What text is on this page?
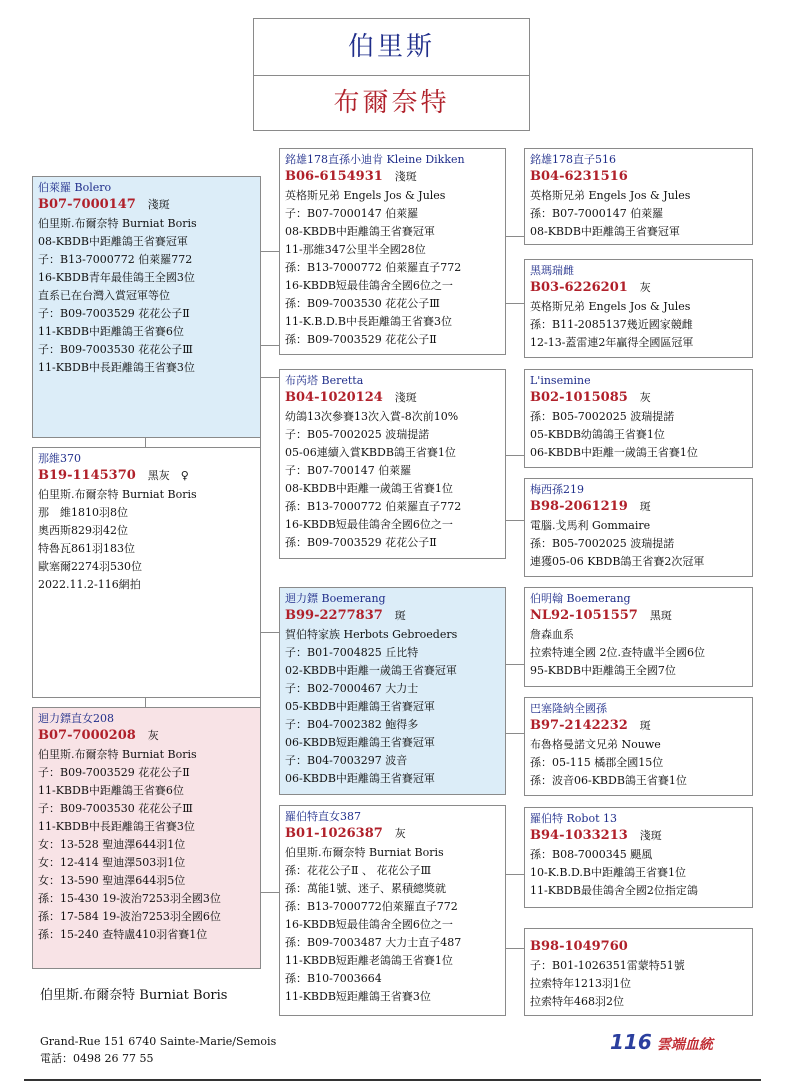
伯里斯
布爾奈特
伯萊羅 Bolero
B07-7000147 淺斑
伯里斯.布爾奈特 Burniat Boris
08-KBDB中距離鴿王省賽冠軍
子：B13-7000772 伯萊羅772
16-KBDB青年最佳鴿王全國3位
直系已在台灣入賞冠軍等位
子：B09-7003529 花花公子Ⅱ
11-KBDB中距離鴿王省賽6位
子：B09-7003530 花花公子Ⅲ
11-KBDB中長距離鴿王省賽3位
那維370
B19-1145370 黑灰　♀
伯里斯.布爾奈特 Burniat Boris
那　維1810羽8位
奧西斯829羽42位
特魯瓦861羽183位
歐塞爾2274羽530位
2022.11.2-116網拍
迴力鏢直女208
B07-7000208 灰
伯里斯.布爾奈特 Burniat Boris
子：B09-7003529 花花公子Ⅱ
11-KBDB中距離鴿王省賽6位
子：B09-7003530 花花公子Ⅲ
11-KBDB中長距離鴿王省賽3位
女：13-528 聖迪澤644羽1位
女：12-414 聖迪澤503羽1位
女：13-590 聖迪澤644羽5位
孫：15-430 19-波治7253羽全國3位
孫：17-584 19-波治7253羽全國6位
孫：15-240 查特盧410羽省賽1位
銘雄178直孫小迪肯 Kleine Dikken
B06-6154931 淺斑
英格斯兄弟 Engels Jos & Jules
子：B07-7000147 伯萊羅
08-KBDB中距離鴿王省賽冠軍
11-那維347公里半全國28位
孫：B13-7000772 伯萊羅直子772
16-KBDB短最佳鴿舍全國6位之一
孫：B09-7003530 花花公子Ⅲ
11-K.B.D.B中長距離鴿王省賽3位
孫：B09-7003529 花花公子Ⅱ
布芮塔 Beretta
B04-1020124 淺斑
幼鴿13次參賽13次入賞-8次前10%
子：B05-7002025 波瑞提諾
05-06連續入賞KBDB鴿王省賽1位
子：B07-700147 伯萊羅
08-KBDB中距離一歲鴿王省賽1位
孫：B13-7000772 伯萊羅直子772
16-KBDB短最佳鴿舍全國6位之一
孫：B09-7003529 花花公子Ⅱ
迴力鏢 Boemerang
B99-2277837 斑
賀伯特家族 Herbots Gebroeders
子：B01-7004825 丘比特
02-KBDB中距離一歲鴿王省賽冠軍
子：B02-7000467 大力士
05-KBDB中距離鴿王省賽冠軍
子：B04-7002382 鮑得多
06-KBDB短距離鴿王省賽冠軍
子：B04-7003297 波音
06-KBDB中距離鴿王省賽冠軍
羅伯特直女387
B01-1026387 灰
伯里斯.布爾奈特 Burniat Boris
孫：花花公子Ⅱ 、 花花公子Ⅲ
孫：萬能1號、迷子、累積總獎就
孫：B13-7000772伯萊羅直子772
16-KBDB短最佳鴿舍全國6位之一
孫：B09-7003487 大力士直子487
11-KBDB短距離老鴿鴿王省賽1位
孫：B10-7003664
11-KBDB短距離鴿王省賽3位
銘雄178直子516
B04-6231516
英格斯兄弟 Engels Jos & Jules
孫：B07-7000147 伯萊羅
08-KBDB中距離鴿王省賽冠軍
黑瑪瑞雌
B03-6226201 灰
英格斯兄弟 Engels Jos & Jules
孫：B11-2085137幾近國家競雌
12-13-蓋雷連2年贏得全國區冠軍
L'insemine
B02-1015085 灰
孫：B05-7002025 波瑞提諾
05-KBDB幼鴿鴿王省賽1位
06-KBDB中距離一歲鴿王省賽1位
梅西孫219
B98-2061219 斑
電腦.戈馬利 Gommaire
孫：B05-7002025 波瑞提諾
連獲05-06 KBDB鴿王省賽2次冠軍
伯明翰 Boemerang
NL92-1051557 黑斑
詹森血系
拉索特連全國 2位.查特盧半全國6位
95-KBDB中距離鴿王全國7位
巴塞隆納全國孫
B97-2142232 斑
布魯格曼諾文兄弟 Nouwe
孫：05-115 橘郡全國15位
孫：波音06-KBDB鴿王省賽1位
羅伯特 Robot 13
B94-1033213 淺斑
孫：B08-7000345 颶風
10-K.B.D.B中距離鴿王省賽1位
11-KBDB最佳鴿舍全國2位指定鴿
B98-1049760
子：B01-1026351雷蒙特51號
拉索特年1213羽1位
拉索特年468羽2位
伯里斯.布爾奈特 Burniat Boris
Grand-Rue 151 6740 Sainte-Marie/Semois
電話：0498 26 77 55
116 雲端血統
